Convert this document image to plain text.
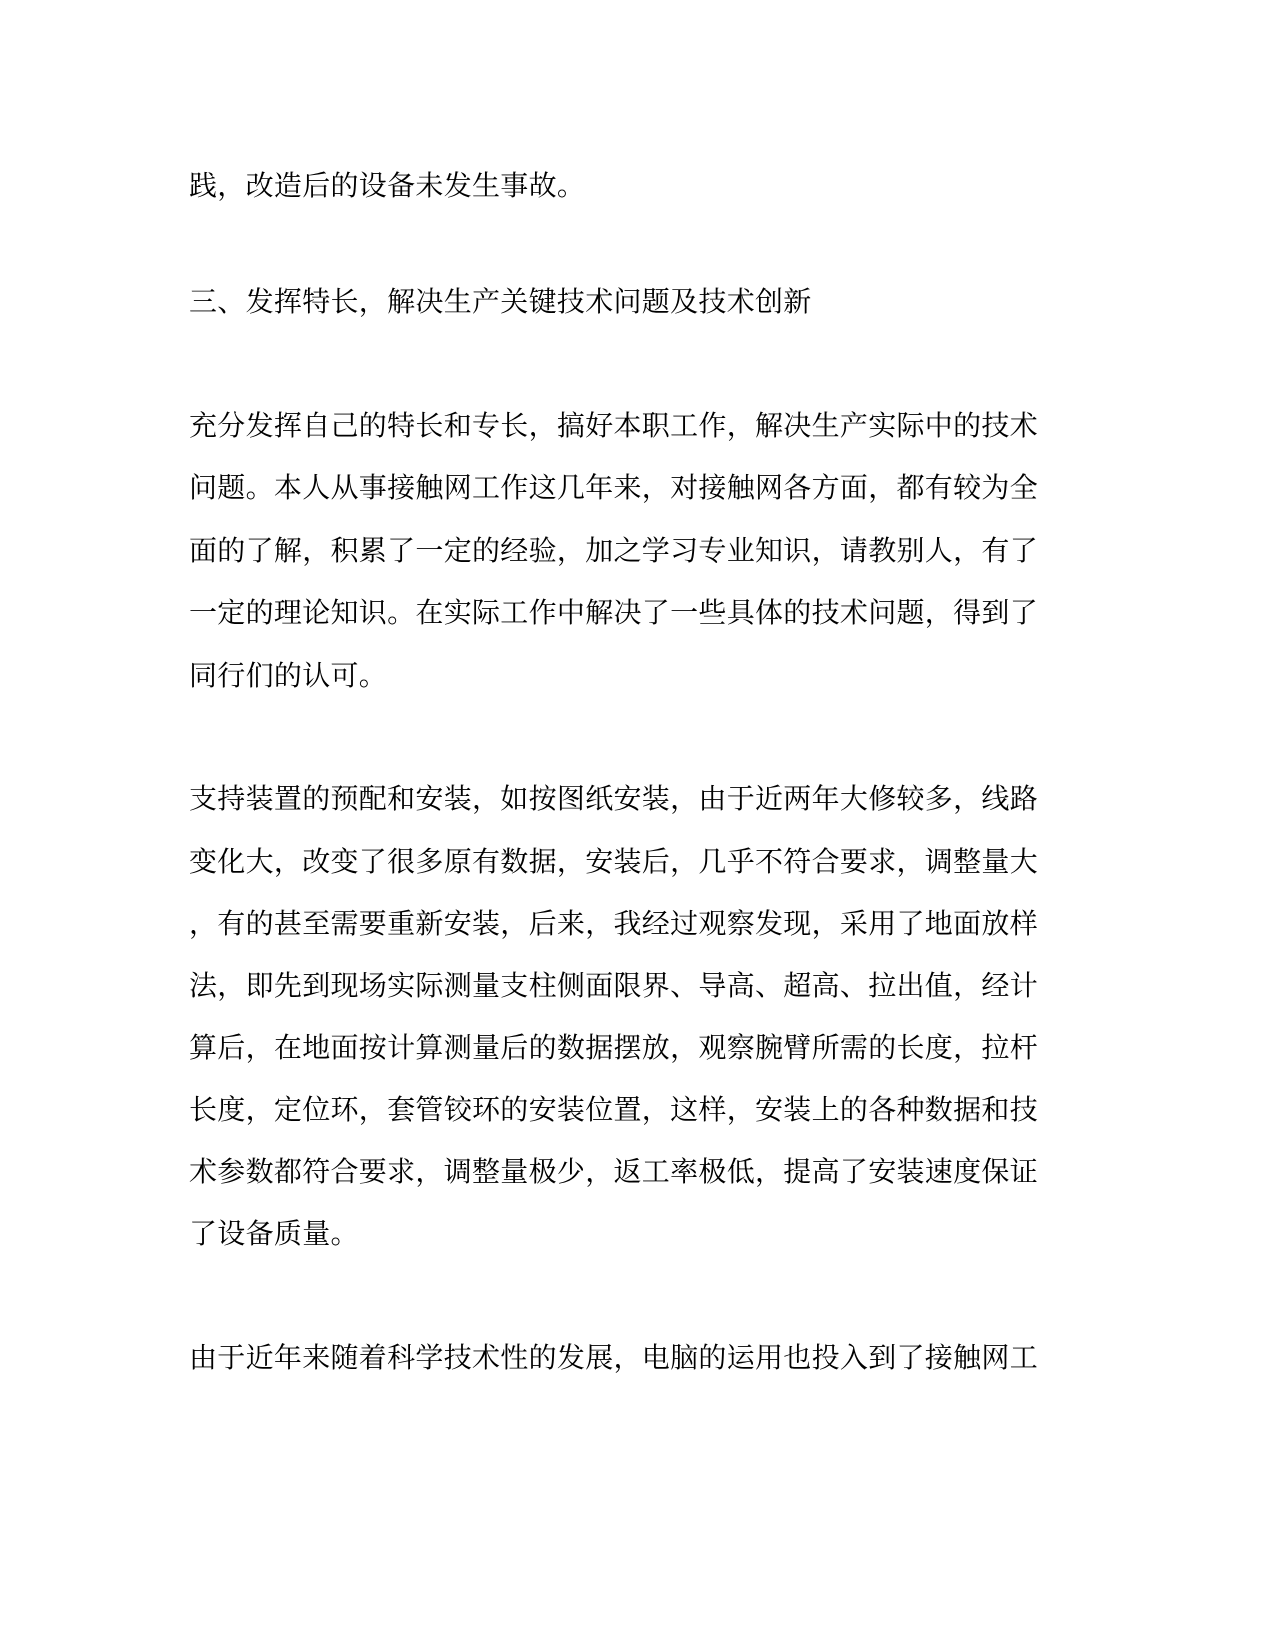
践，改造后的设备未发生事故。
三、发挥特长，解决生产关键技术问题及技术创新
充分发挥自己的特长和专长，搞好本职工作，解决生产实际中的技术
问题。本人从事接触网工作这几年来，对接触网各方面，都有较为全
面的了解，积累了一定的经验，加之学习专业知识，请教别人，有了
一定的理论知识。在实际工作中解决了一些具体的技术问题，得到了
同行们的认可。
支持装置的预配和安装，如按图纸安装，由于近两年大修较多，线路
变化大，改变了很多原有数据，安装后，几乎不符合要求，调整量大
，有的甚至需要重新安装，后来，我经过观察发现，采用了地面放样
法，即先到现场实际测量支柱侧面限界、导高、超高、拉出值，经计
算后，在地面按计算测量后的数据摆放，观察腕臂所需的长度，拉杆
长度，定位环，套管铰环的安装位置，这样，安装上的各种数据和技
术参数都符合要求，调整量极少，返工率极低，提高了安装速度保证
了设备质量。
由于近年来随着科学技术性的发展，电脑的运用也投入到了接触网工
